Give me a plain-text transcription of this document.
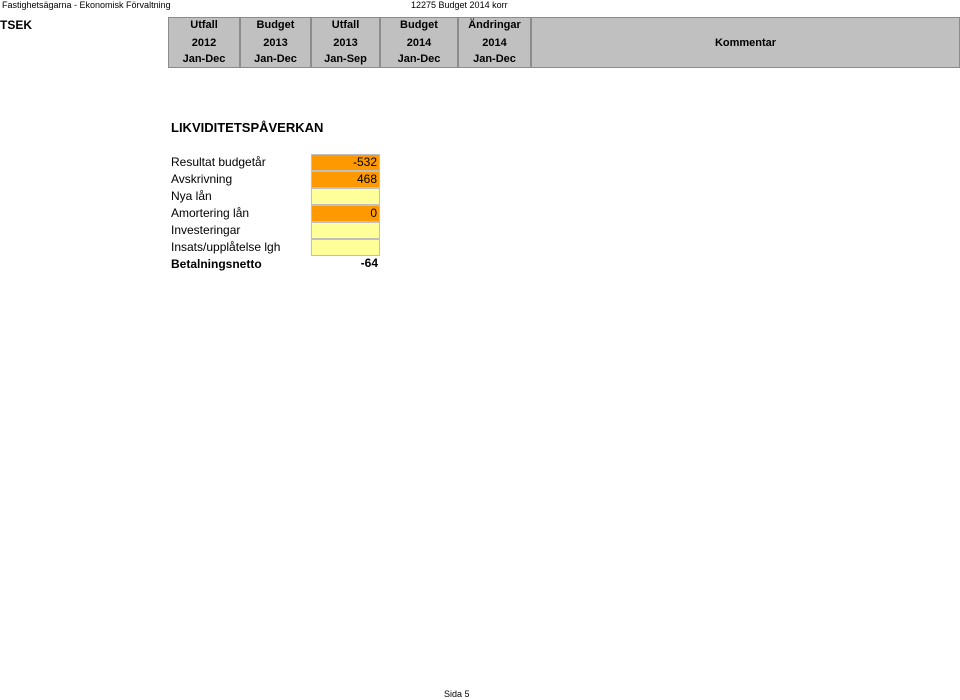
Fastighetsägarna - Ekonomisk Förvaltning	12275 Budget 2014 korr
TSEK	Utfall
2012
Jan-Dec
Budget
2013
Jan-Dec
Utfall
2013
Jan-Sep
Budget
2014
Jan-Dec
Ändringar
2014
Jan-Dec
Kommentar
LIKVIDITETSPÅVERKAN
Resultat budgetår
Avskrivning
Nya lån
Amortering lån
Investeringar
Insats/upplåtelse lgh
Betalningsnetto
-532
468
0
-64
Sida 5
